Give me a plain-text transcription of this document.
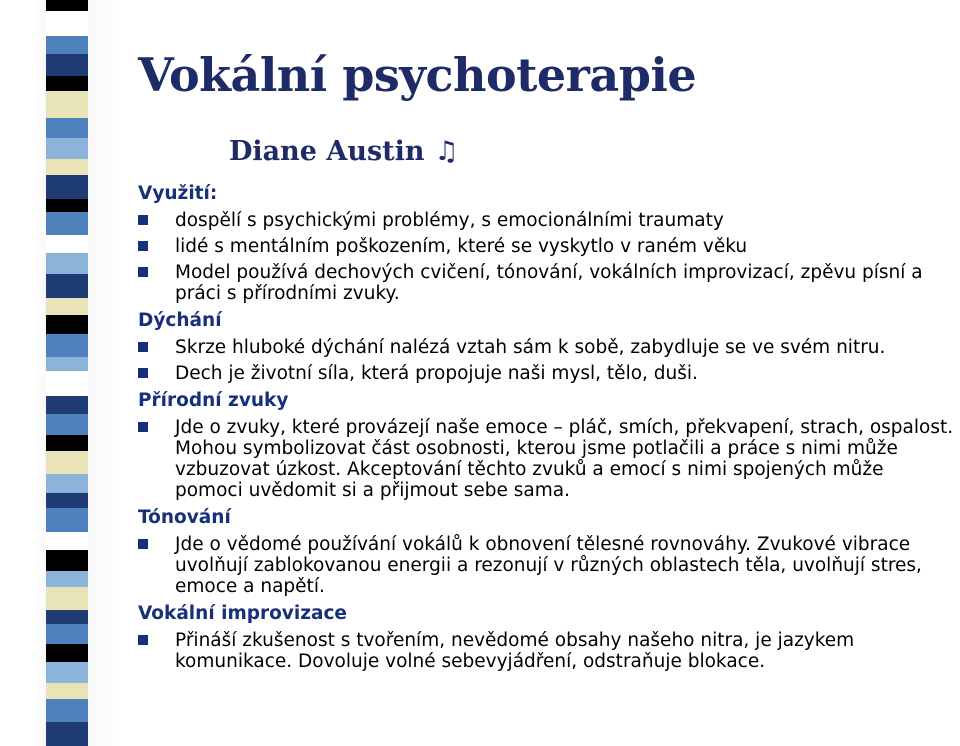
Vokální psychoterapie
Diane Austin ♫
Využití:
dospělí s psychickými problémy, s emocionálními traumaty
lidé s mentálním poškozením, které se vyskytlo v raném věku
Model používá dechových cvičení, tónování, vokálních improvizací, zpěvu písní a práci s přírodními zvuky.
Dýchání
Skrze hluboké dýchání nalézá vztah sám k sobě, zabydluje se ve svém nitru.
Dech je životní síla, která propojuje naši mysl, tělo, duši.
Přírodní zvuky
Jde o zvuky, které provázejí naše emoce – pláč, smích, překvapení, strach, ospalost. Mohou symbolizovat část osobnosti, kterou jsme potlačili a práce s nimi může vzbuzovat úzkost. Akceptování těchto zvuků a emocí s nimi spojených může pomoci uvědomit si a přijmout sebe sama.
Tónování
Jde o vědomé používání vokálů k obnovení tělesné rovnováhy. Zvukové vibrace uvolňují zablokovanou energii a rezonují v různých oblastech těla, uvolňují stres, emoce a napětí.
Vokální improvizace
Přináší zkušenost s tvořením, nevědomé obsahy našeho nitra, je jazykem komunikace. Dovoluje volné sebevyjádření, odstraňuje blokace.
